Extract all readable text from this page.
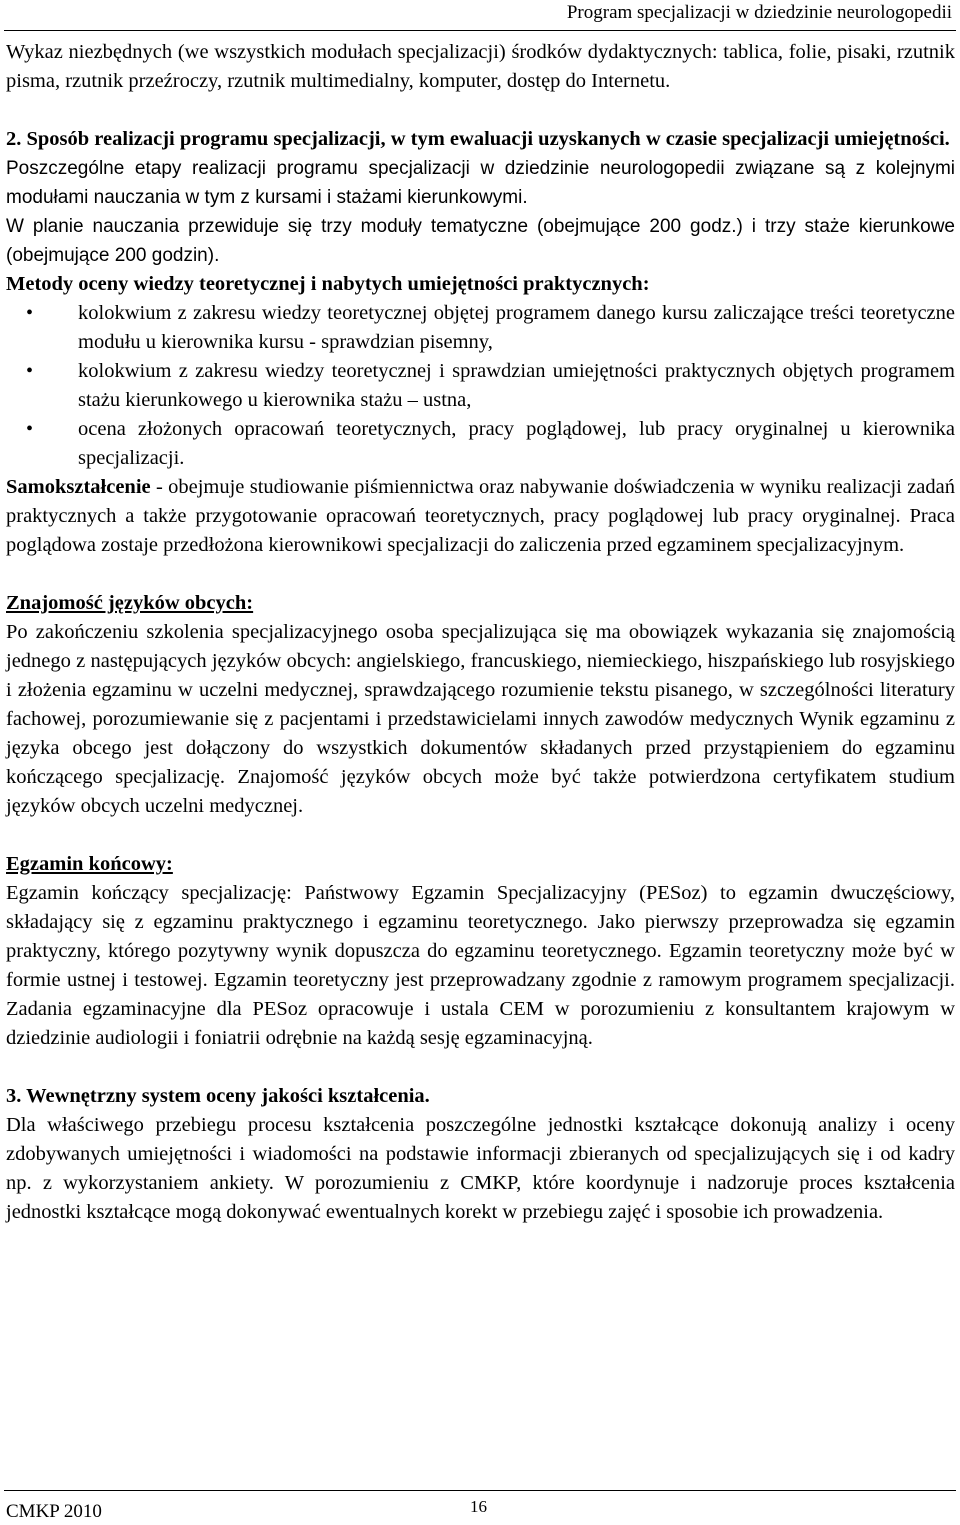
Program specjalizacji w dziedzinie neurologopedii

Wykaz niezbędnych (we wszystkich modułach specjalizacji) środków dydaktycznych: tablica, folie, pisaki, rzutnik pisma, rzutnik przeźroczy, rzutnik multimedialny, komputer, dostęp do Internetu.

2. Sposób realizacji programu specjalizacji, w tym ewaluacji uzyskanych w czasie specjalizacji umiejętności.

Poszczególne etapy realizacji programu specjalizacji w dziedzinie neurologopedii związane są z kolejnymi modułami nauczania w tym z kursami i stażami kierunkowymi.

W planie nauczania przewiduje się trzy moduły tematyczne (obejmujące 200 godz.) i trzy staże kierunkowe (obejmujące 200 godzin).

Metody oceny wiedzy teoretycznej i nabytych umiejętności praktycznych:

• kolokwium z zakresu wiedzy teoretycznej objętej programem danego kursu zaliczające treści teoretyczne modułu u kierownika kursu - sprawdzian pisemny,
• kolokwium z zakresu wiedzy teoretycznej i sprawdzian umiejętności praktycznych objętych programem stażu kierunkowego u kierownika stażu – ustna,
• ocena złożonych opracowań teoretycznych, pracy poglądowej, lub pracy oryginalnej u kierownika specjalizacji.

Samokształcenie - obejmuje studiowanie piśmiennictwa oraz nabywanie doświadczenia w wyniku realizacji zadań praktycznych a także przygotowanie opracowań teoretycznych, pracy poglądowej lub pracy oryginalnej. Praca poglądowa zostaje przedłożona kierownikowi specjalizacji do zaliczenia przed egzaminem specjalizacyjnym.

Znajomość języków obcych:

Po zakończeniu szkolenia specjalizacyjnego osoba specjalizująca się ma obowiązek wykazania się znajomością jednego z następujących języków obcych: angielskiego, francuskiego, niemieckiego, hiszpańskiego lub rosyjskiego i złożenia egzaminu w uczelni medycznej, sprawdzającego rozumienie tekstu pisanego, w szczególności literatury fachowej, porozumiewanie się z pacjentami i przedstawicielami innych zawodów medycznych Wynik egzaminu z języka obcego jest dołączony do wszystkich dokumentów składanych przed przystąpieniem do egzaminu kończącego specjalizację. Znajomość języków obcych może być także potwierdzona certyfikatem studium języków obcych uczelni medycznej.

Egzamin końcowy:

Egzamin kończący specjalizację: Państwowy Egzamin Specjalizacyjny (PESoz) to egzamin dwuczęściowy, składający się z egzaminu praktycznego i egzaminu teoretycznego. Jako pierwszy przeprowadza się egzamin praktyczny, którego pozytywny wynik dopuszcza do egzaminu teoretycznego. Egzamin teoretyczny może być w formie ustnej i testowej. Egzamin teoretyczny jest przeprowadzany zgodnie z ramowym programem specjalizacji. Zadania egzaminacyjne dla PESoz opracowuje i ustala CEM w porozumieniu z konsultantem krajowym w dziedzinie audiologii i foniatrii odrębnie na każdą sesję egzaminacyjną.

3. Wewnętrzny system oceny jakości kształcenia.

Dla właściwego przebiegu procesu kształcenia poszczególne jednostki kształcące dokonują analizy i oceny zdobywanych umiejętności i wiadomości na podstawie informacji zbieranych od specjalizujących się i od kadry np. z wykorzystaniem ankiety. W porozumieniu z CMKP, które koordynuje i nadzoruje proces kształcenia jednostki kształcące mogą dokonywać ewentualnych korekt w przebiegu zajęć i sposobie ich prowadzenia.

CMKP 2010	16
